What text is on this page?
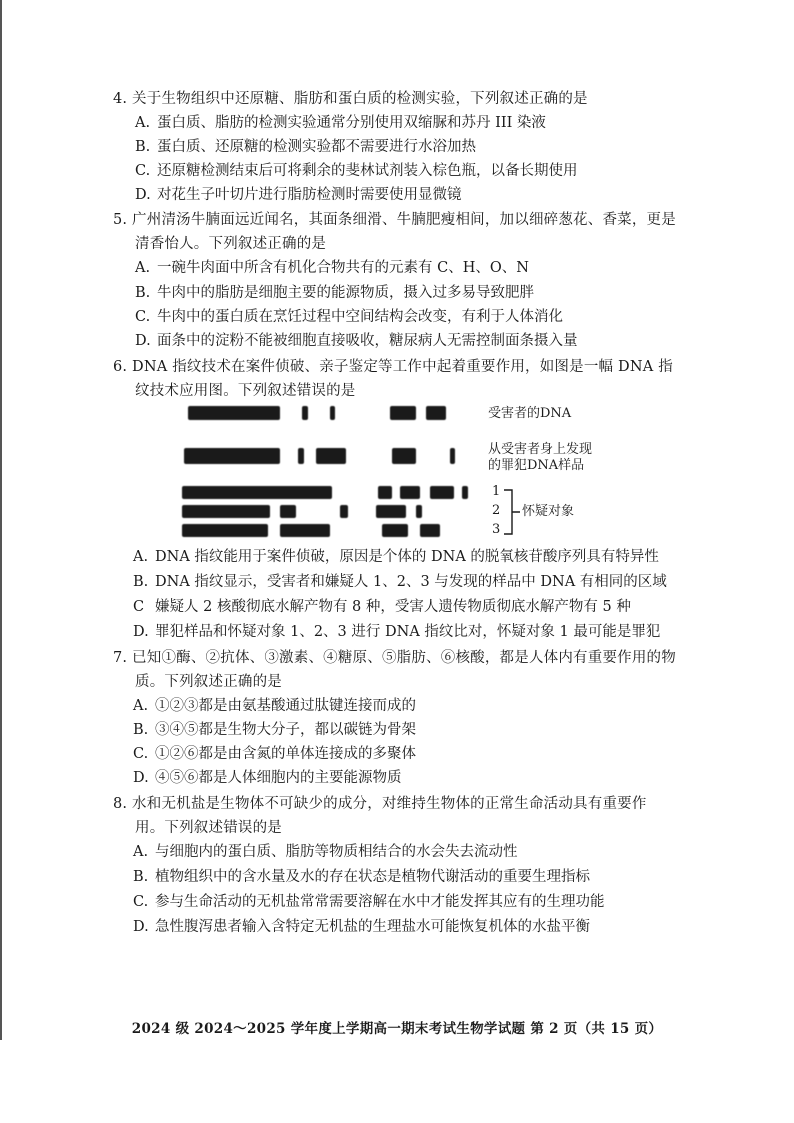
4. 关于生物组织中还原糖、脂肪和蛋白质的检测实验，下列叙述正确的是
A. 蛋白质、脂肪的检测实验通常分别使用双缩脲和苏丹 III 染液
B. 蛋白质、还原糖的检测实验都不需要进行水浴加热
C. 还原糖检测结束后可将剩余的斐林试剂装入棕色瓶，以备长期使用
D. 对花生子叶切片进行脂肪检测时需要使用显微镜
5. 广州清汤牛腩面远近闻名，其面条细滑、牛腩肥瘦相间，加以细碎葱花、香菜，更是
清香怡人。下列叙述正确的是
A. 一碗牛肉面中所含有机化合物共有的元素有 C、H、O、N
B. 牛肉中的脂肪是细胞主要的能源物质，摄入过多易导致肥胖
C. 牛肉中的蛋白质在烹饪过程中空间结构会改变，有利于人体消化
D. 面条中的淀粉不能被细胞直接吸收，糖尿病人无需控制面条摄入量
6. DNA 指纹技术在案件侦破、亲子鉴定等工作中起着重要作用，如图是一幅 DNA 指
纹技术应用图。下列叙述错误的是
受害者的DNA
从受害者身上发现
的罪犯DNA样品
1
2
3
怀疑对象
A. DNA 指纹能用于案件侦破，原因是个体的 DNA 的脱氧核苷酸序列具有特异性
B. DNA 指纹显示，受害者和嫌疑人 1、2、3 与发现的样品中 DNA 有相同的区域
C 嫌疑人 2 核酸彻底水解产物有 8 种，受害人遗传物质彻底水解产物有 5 种
D. 罪犯样品和怀疑对象 1、2、3 进行 DNA 指纹比对，怀疑对象 1 最可能是罪犯
7. 已知①酶、②抗体、③激素、④糖原、⑤脂肪、⑥核酸，都是人体内有重要作用的物
质。下列叙述正确的是
A. ①②③都是由氨基酸通过肽键连接而成的
B. ③④⑤都是生物大分子，都以碳链为骨架
C. ①②⑥都是由含氮的单体连接成的多聚体
D. ④⑤⑥都是人体细胞内的主要能源物质
8. 水和无机盐是生物体不可缺少的成分，对维持生物体的正常生命活动具有重要作
用。下列叙述错误的是
A. 与细胞内的蛋白质、脂肪等物质相结合的水会失去流动性
B. 植物组织中的含水量及水的存在状态是植物代谢活动的重要生理指标
C. 参与生命活动的无机盐常常需要溶解在水中才能发挥其应有的生理功能
D. 急性腹泻患者输入含特定无机盐的生理盐水可能恢复机体的水盐平衡
2024 级 2024～2025 学年度上学期高一期末考试生物学试题 第 2 页（共 15 页）
